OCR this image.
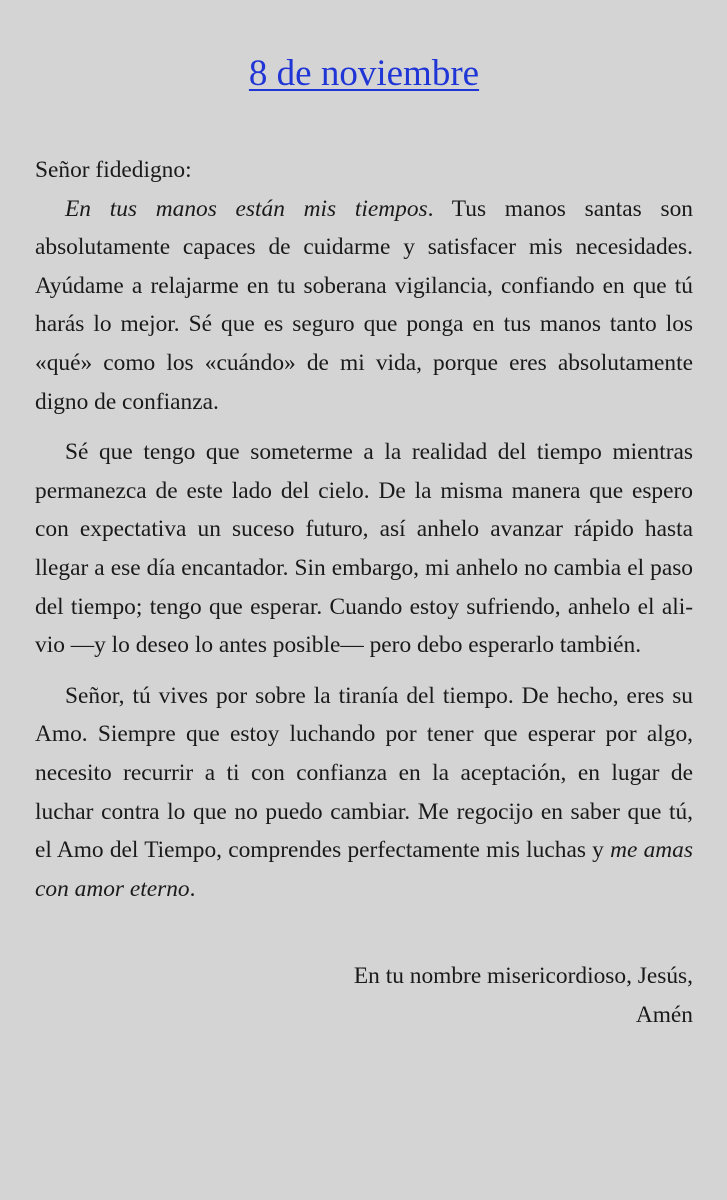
8 de noviembre

Señor fidedigno:

En tus manos están mis tiempos. Tus manos santas son absolutamente capaces de cuidarme y satisfacer mis necesidades. Ayúdame a relajarme en tu soberana vigilancia, confiando en que tú harás lo mejor. Sé que es seguro que ponga en tus manos tanto los «qué» como los «cuándo» de mi vida, porque eres absolutamente digno de confianza.

Sé que tengo que someterme a la realidad del tiempo mientras permanezca de este lado del cielo. De la misma manera que espero con expectativa un suceso futuro, así anhelo avanzar rápido hasta llegar a ese día encantador. Sin embargo, mi anhelo no cambia el paso del tiempo; tengo que esperar. Cuando estoy sufriendo, anhelo el alivio —y lo deseo lo antes posible— pero debo esperarlo también.

Señor, tú vives por sobre la tiranía del tiempo. De hecho, eres su Amo. Siempre que estoy luchando por tener que esperar por algo, necesito recurrir a ti con confianza en la aceptación, en lugar de luchar contra lo que no puedo cambiar. Me regocijo en saber que tú, el Amo del Tiempo, comprendes perfectamente mis luchas y me amas con amor eterno.

En tu nombre misericordioso, Jesús,
Amén
